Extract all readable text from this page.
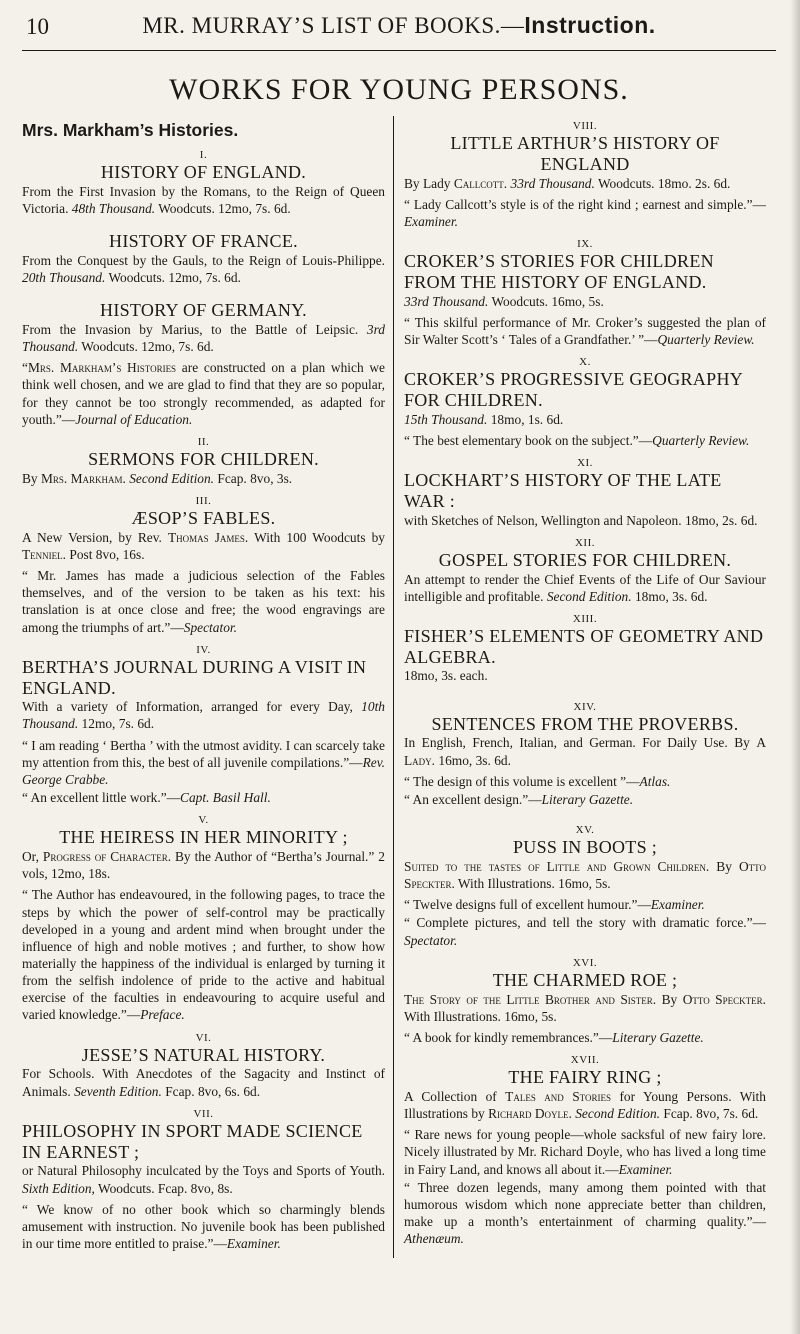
10	MR. MURRAY’S LIST OF BOOKS.—Instruction.
WORKS FOR YOUNG PERSONS.
Mrs. Markham’s Histories.
I.
HISTORY OF ENGLAND.
From the First Invasion by the Romans, to the Reign of Queen Victoria. 48th Thousand. Woodcuts. 12mo, 7s. 6d.
HISTORY OF FRANCE.
From the Conquest by the Gauls, to the Reign of Louis-Philippe. 20th Thousand. Woodcuts. 12mo, 7s. 6d.
HISTORY OF GERMANY.
From the Invasion by Marius, to the Battle of Leipsic. 3rd Thousand. Woodcuts. 12mo, 7s. 6d.
“Mrs. Markham’s Histories are constructed on a plan which we think well chosen, and we are glad to find that they are so popular, for they cannot be too strongly recommended, as adapted for youth.”—Journal of Education.
II.
SERMONS FOR CHILDREN.
By Mrs. Markham. Second Edition. Fcap. 8vo, 3s.
III.
ÆSOP’S FABLES.
A New Version, by Rev. Thomas James. With 100 Woodcuts by Tenniel. Post 8vo, 16s.
“ Mr. James has made a judicious selection of the Fables themselves, and of the version to be taken as his text: his translation is at once close and free; the wood engravings are among the triumphs of art.”—Spectator.
IV.
BERTHA’S JOURNAL DURING A VISIT IN ENGLAND.
With a variety of Information, arranged for every Day, 10th Thousand. 12mo, 7s. 6d.
“ I am reading ‘ Bertha ’ with the utmost avidity. I can scarcely take my attention from this, the best of all juvenile compilations.”—Rev. George Crabbe.
“ An excellent little work.”—Capt. Basil Hall.
V.
THE HEIRESS IN HER MINORITY ;
Or, Progress of Character. By the Author of “Bertha’s Journal.” 2 vols, 12mo, 18s.
“ The Author has endeavoured, in the following pages, to trace the steps by which the power of self-control may be practically developed in a young and ardent mind when brought under the influence of high and noble motives ; and further, to show how materially the happiness of the individual is enlarged by turning it from the selfish indolence of pride to the active and habitual exercise of the faculties in endeavouring to acquire useful and varied knowledge.”—Preface.
VI.
JESSE’S NATURAL HISTORY.
For Schools. With Anecdotes of the Sagacity and Instinct of Animals. Seventh Edition. Fcap. 8vo, 6s. 6d.
VII.
PHILOSOPHY IN SPORT MADE SCIENCE IN EARNEST ;
or Natural Philosophy inculcated by the Toys and Sports of Youth. Sixth Edition, Woodcuts. Fcap. 8vo, 8s.
“ We know of no other book which so charmingly blends amusement with instruction. No juvenile book has been published in our time more entitled to praise.”—Examiner.
VIII.
LITTLE ARTHUR’S HISTORY OF ENGLAND
By Lady Callcott. 33rd Thousand. Woodcuts. 18mo. 2s. 6d.
“ Lady Callcott’s style is of the right kind ; earnest and simple.”—Examiner.
IX.
CROKER’S STORIES FOR CHILDREN FROM THE HISTORY OF ENGLAND.
33rd Thousand. Woodcuts. 16mo, 5s.
“ This skilful performance of Mr. Croker’s suggested the plan of Sir Walter Scott’s ‘ Tales of a Grandfather.’ ”—Quarterly Review.
X.
CROKER’S PROGRESSIVE GEOGRAPHY FOR CHILDREN.
15th Thousand. 18mo, 1s. 6d.
“ The best elementary book on the subject.”—Quarterly Review.
XI.
LOCKHART’S HISTORY OF THE LATE WAR :
with Sketches of Nelson, Wellington and Napoleon. 18mo, 2s. 6d.
XII.
GOSPEL STORIES FOR CHILDREN.
An attempt to render the Chief Events of the Life of Our Saviour intelligible and profitable. Second Edition. 18mo, 3s. 6d.
XIII.
FISHER’S ELEMENTS OF GEOMETRY AND ALGEBRA.
18mo, 3s. each.
XIV.
SENTENCES FROM THE PROVERBS.
In English, French, Italian, and German. For Daily Use. By A Lady. 16mo, 3s. 6d.
“ The design of this volume is excellent ”—Atlas.
“ An excellent design.”—Literary Gazette.
XV.
PUSS IN BOOTS ;
Suited to the tastes of Little and Grown Children. By Otto Speckter. With Illustrations. 16mo, 5s.
“ Twelve designs full of excellent humour.”—Examiner.
“ Complete pictures, and tell the story with dramatic force.”—Spectator.
XVI.
THE CHARMED ROE ;
The Story of the Little Brother and Sister. By Otto Speckter. With Illustrations. 16mo, 5s.
“ A book for kindly remembrances.”—Literary Gazette.
XVII.
THE FAIRY RING ;
A Collection of Tales and Stories for Young Persons. With Illustrations by Richard Doyle. Second Edition. Fcap. 8vo, 7s. 6d.
“ Rare news for young people—whole sacksful of new fairy lore. Nicely illustrated by Mr. Richard Doyle, who has lived a long time in Fairy Land, and knows all about it.—Examiner.
“ Three dozen legends, many among them pointed with that humorous wisdom which none appreciate better than children, make up a month’s entertainment of charming quality.”—Athenæum.
